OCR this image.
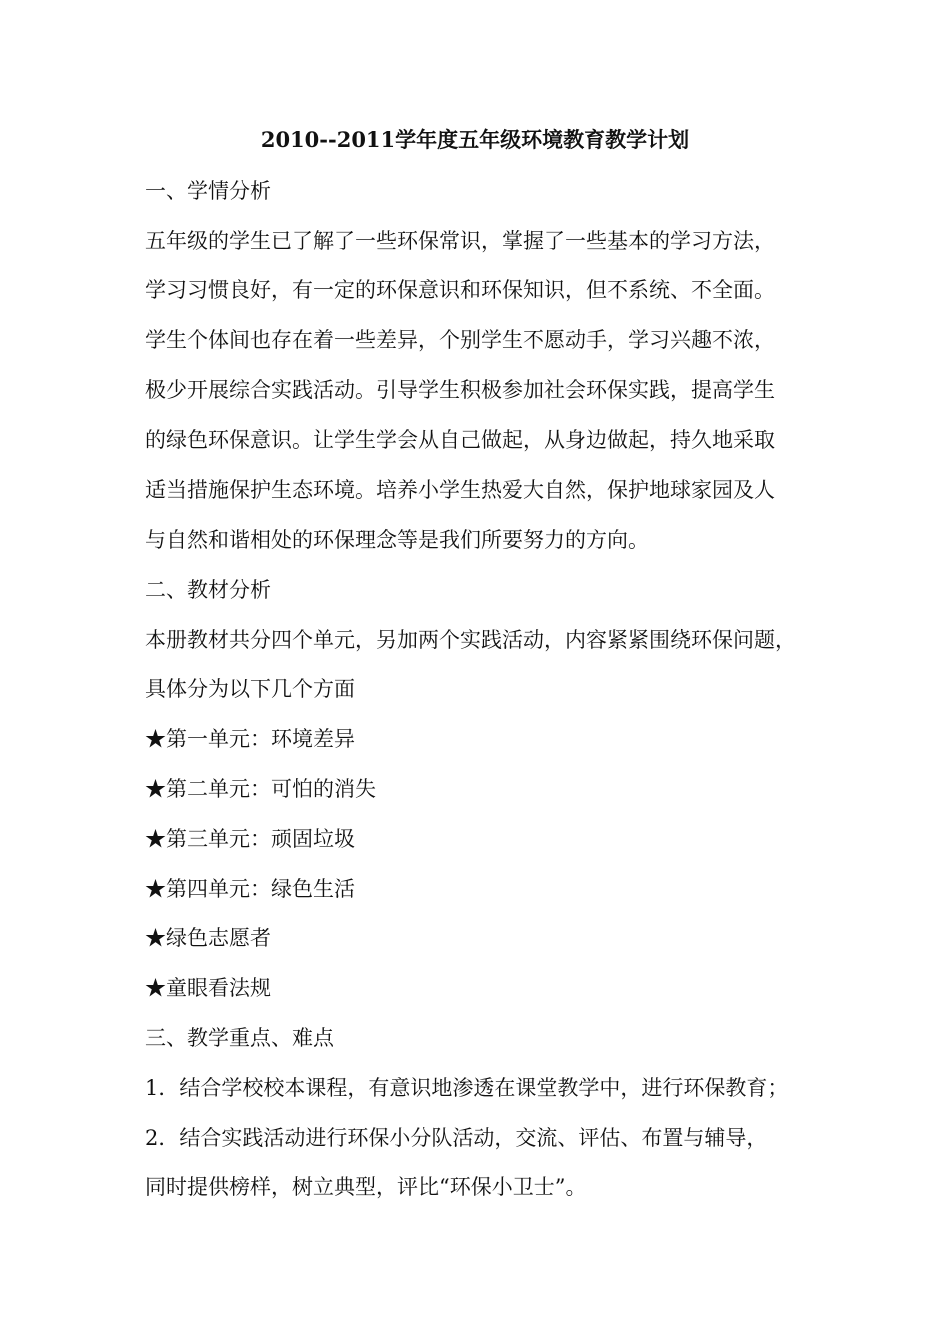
2010--2011学年度五年级环境教育教学计划
一、学情分析
五年级的学生已了解了一些环保常识，掌握了一些基本的学习方法，
学习习惯良好，有一定的环保意识和环保知识，但不系统、不全面。
学生个体间也存在着一些差异，个别学生不愿动手，学习兴趣不浓，
极少开展综合实践活动。引导学生积极参加社会环保实践，提高学生
的绿色环保意识。让学生学会从自己做起，从身边做起，持久地采取
适当措施保护生态环境。培养小学生热爱大自然，保护地球家园及人
与自然和谐相处的环保理念等是我们所要努力的方向。
二、教材分析
本册教材共分四个单元，另加两个实践活动，内容紧紧围绕环保问题，
具体分为以下几个方面
★第一单元：环境差异
★第二单元：可怕的消失
★第三单元：顽固垃圾
★第四单元：绿色生活
★绿色志愿者
★童眼看法规
三、教学重点、难点
1．结合学校校本课程，有意识地渗透在课堂教学中，进行环保教育；
2．结合实践活动进行环保小分队活动，交流、评估、布置与辅导，
同时提供榜样，树立典型，评比“环保小卫士”。
